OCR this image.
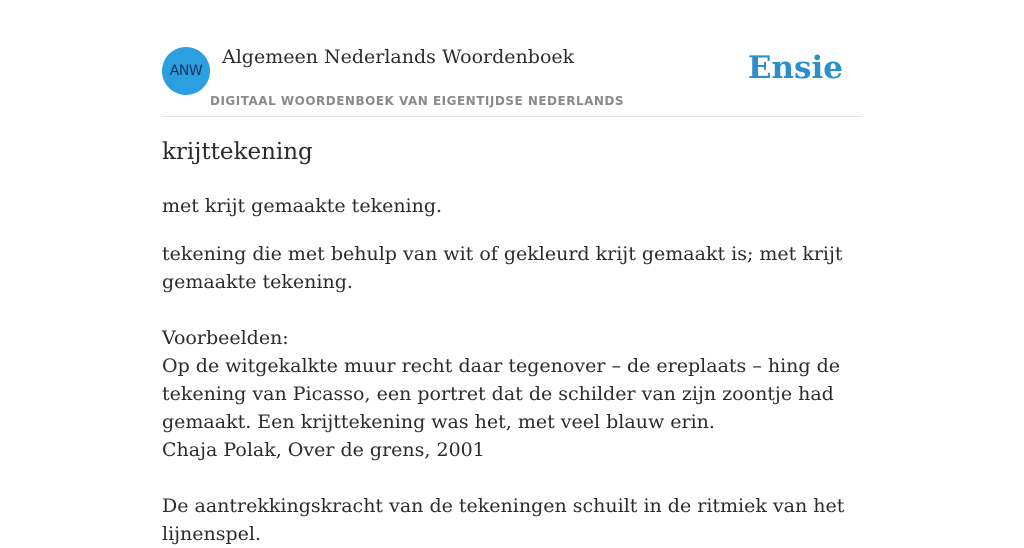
ANW
Algemeen Nederlands Woordenboek
DIGITAAL WOORDENBOEK VAN EIGENTIJDSE NEDERLANDS
Ensie
krijttekening

met krijt gemaakte tekening.

tekening die met behulp van wit of gekleurd krijt gemaakt is; met krijt gemaakte tekening.

Voorbeelden:

Op de witgekalkte muur recht daar tegenover – de ereplaats – hing de tekening van Picasso, een portret dat de schilder van zijn zoontje had gemaakt. Een krijttekening was het, met veel blauw erin.

Chaja Polak, Over de grens, 2001

De aantrekkingskracht van de tekeningen schuilt in de ritmiek van het lijnenspel.
